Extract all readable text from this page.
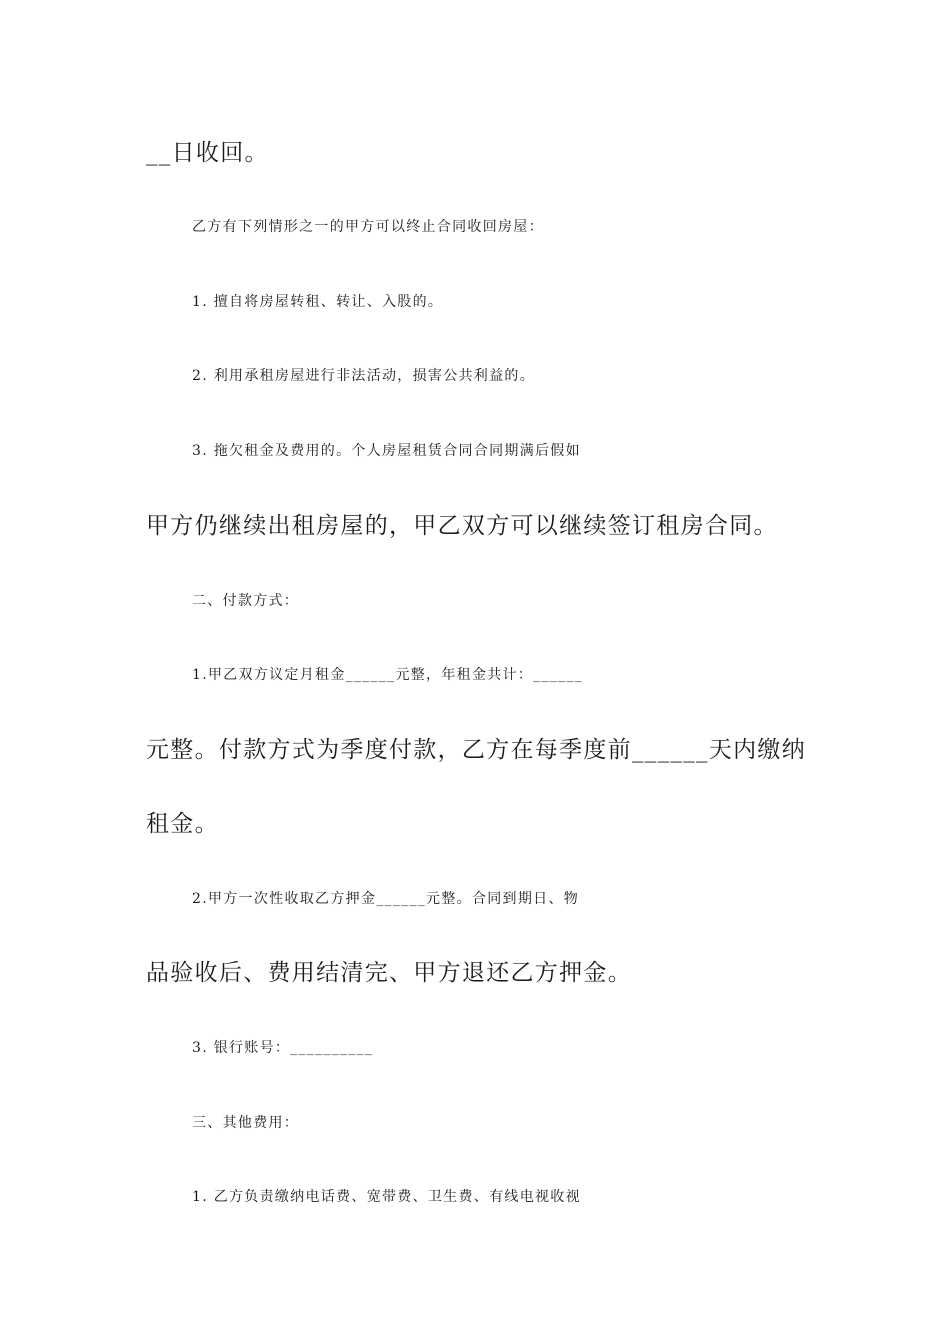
__日收回。
乙方有下列情形之一的甲方可以终止合同收回房屋：
1. 擅自将房屋转租、转让、入股的。
2. 利用承租房屋进行非法活动，损害公共利益的。
3. 拖欠租金及费用的。个人房屋租赁合同合同期满后假如
甲方仍继续出租房屋的，甲乙双方可以继续签订租房合同。
二、付款方式：
1.甲乙双方议定月租金______元整，年租金共计：______
元整。付款方式为季度付款，乙方在每季度前______天内缴纳
租金。
2.甲方一次性收取乙方押金______元整。合同到期日、物
品验收后、费用结清完、甲方退还乙方押金。
3. 银行账号：__________
三、其他费用：
1. 乙方负责缴纳电话费、宽带费、卫生费、有线电视收视
